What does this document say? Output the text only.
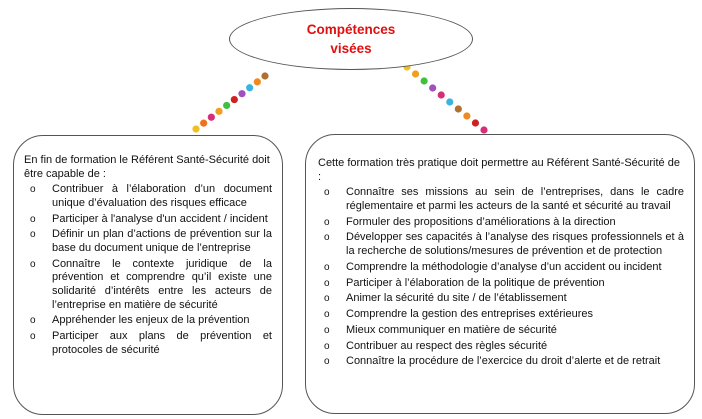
Compétences visées

En fin de formation le Référent Santé-Sécurité doit être capable de :

o Contribuer à l’élaboration d’un document unique d’évaluation des risques efficace
o Participer à l'analyse d'un accident / incident
o Définir un plan d’actions de prévention sur la base du document unique de l’entreprise
o Connaître le contexte juridique de la prévention et comprendre qu’il existe une solidarité d’intérêts entre les acteurs de l’entreprise en matière de sécurité
o Appréhender les enjeux de la prévention
o Participer aux plans de prévention et protocoles de sécurité

Cette formation très pratique doit permettre au Référent Santé-Sécurité de :

o Connaître ses missions au sein de l’entreprises, dans le cadre réglementaire et parmi les acteurs de la santé et sécurité au travail
o Formuler des propositions d’améliorations à la direction
o Développer ses capacités à l’analyse des risques professionnels et à la recherche de solutions/mesures de prévention et de protection
o Comprendre la méthodologie d’analyse d’un accident ou incident
o Participer à l’élaboration de la politique de prévention
o Animer la sécurité du site / de l’établissement
o Comprendre la gestion des entreprises extérieures
o Mieux communiquer en matière de sécurité
o Contribuer au respect des règles sécurité
o Connaître la procédure de l’exercice du droit d’alerte et de retrait
